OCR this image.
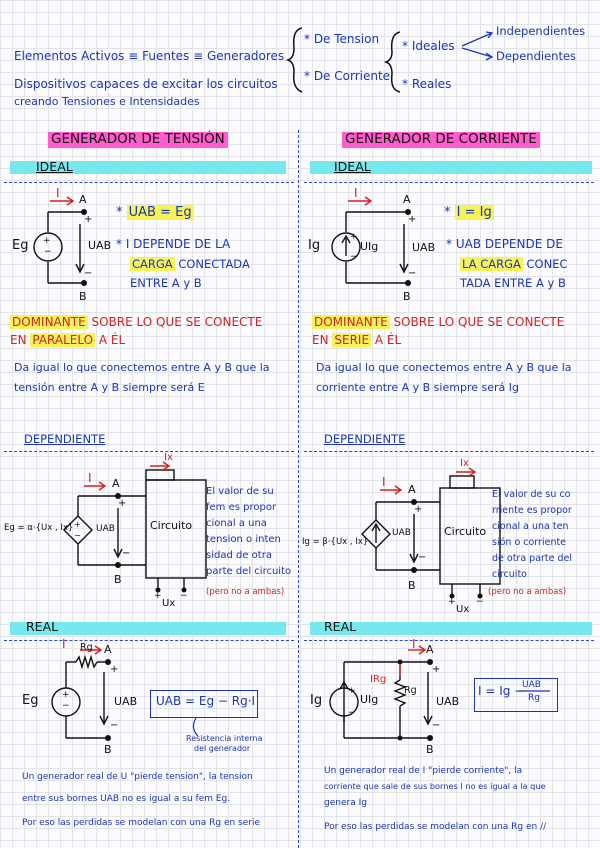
Elementos Activos ≡ Fuentes ≡ Generadores
Dispositivos capaces de excitar los circuitos
creando Tensiones e Intensidades
* De Tension
* De Corriente
* Ideales
* Reales
Independientes
Dependientes
GENERADOR DE TENSIÓN	GENERADOR DE CORRIENTE
IDEAL	IDEAL
Eg +
−
I A
+
−
UAB
B
* UAB = Eg
* I DEPENDE DE LA
CARGA CONECTADA
ENTRE A y B
DOMINANTE SOBRE LO QUE SE CONECTE
EN PARALELO A ÉL
Da igual lo que conectemos entre A y B que la
tensión entre A y B siempre será E
Ig
+
−
UIg
I	A
+
−
UAB
B
* I = Ig
* UAB DEPENDE DE
LA CARGA CONEC
TADA ENTRE A y B
DOMINANTE SOBRE LO QUE SE CONECTE
EN SERIE A ÉL
Da igual lo que conectemos entre A y B que la
corriente entre A y B siempre será Ig
DEPENDIENTE	DEPENDIENTE
Eg = α·{Ux , Ix} +
−
I A
+
−
UAB
B
Circuito
Ix
+ −
Ux
El valor de su
fem es propor
cional a una
tension o inten
sidad de otra
parte del circuito
(pero no a ambas)
Ig = β·{Ux , Ix}
I
A
+
−
UAB
B
Circuito
Ix
+ −
Ux
El valor de su co
rriente es propor
cional a una ten
sión o corriente
de otra parte del
circuito
(pero no a ambas)
REAL	REAL
Eg	+
−
I Rg A
+
−
UAB
B
UAB = Eg − Rg·I
Resistencia interna
del generador
Un generador real de U "pierde tension", la tension
entre sus bornes UAB no es igual a su fem Eg.
Por eso las perdidas se modelan con una Rg en serie
Ig
+
−
UIg
I
IRg
Rg
A
+
−
UAB
B
I = Ig −
UAB
Rg
Un generador real de I "pierde corriente", la
corriente que sale de sus bornes I no es igual a la que
genera Ig
Por eso las perdidas se modelan con una Rg en //
